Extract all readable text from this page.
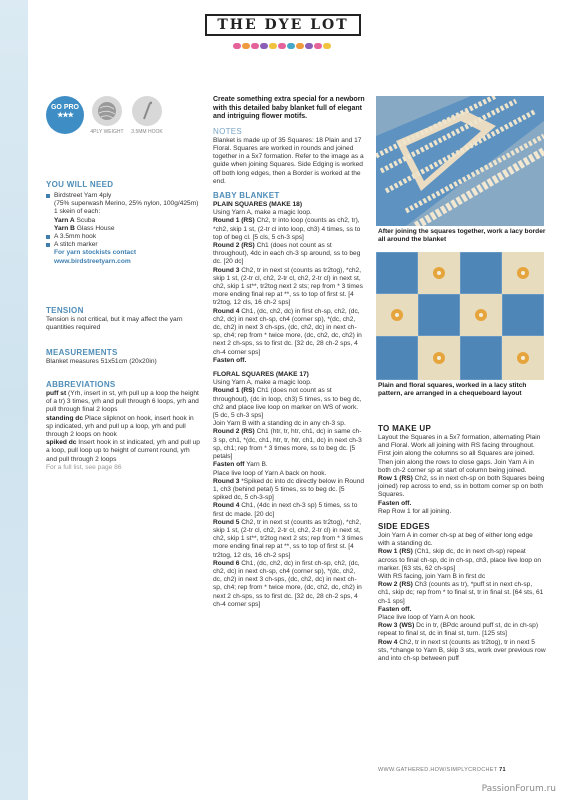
THE DYE LOT
GO PRO
★★★
4PLY WEIGHT 3.5MM HOOK
YOU WILL NEED
Birdstreet Yarn 4ply
(75% superwash Merino, 25% nylon, 100g/425m)
1 skein of each:
Yarn A Scuba
Yarn B Glass House
A 3.5mm hook
A stitch marker
For yarn stockists contact www.birdstreetyarn.com
TENSION

Tension is not critical, but it may affect the yarn quantities required

MEASUREMENTS

Blanket measures 51x51cm (20x20in)

ABBREVIATIONS

puff st (Yrh, insert in st, yrh pull up a loop the height of a tr) 3 times, yrh and pull through 6 loops, yrh and pull through final 2 loops

standing dc Place slipknot on hook, insert hook in sp indicated, yrh and pull up a loop, yrh and pull through 2 loops on hook

spiked dc Insert hook in st indicated, yrh and pull up a loop, pull loop up to height of current round, yrh and pull through 2 loops

For a full list, see page 86

Create something extra special for a newborn with this detailed baby blanket full of elegant and intriguing flower motifs.

NOTES

Blanket is made up of 35 Squares: 18 Plain and 17 Floral. Squares are worked in rounds and joined together in a 5x7 formation. Refer to the image as a guide when joining Squares. Side Edging is worked off both long edges, then a Border is worked at the end.

BABY BLANKET

PLAIN SQUARES (MAKE 18)

Using Yarn A, make a magic loop.

Round 1 (RS) Ch2, tr into loop (counts as ch2, tr), *ch2, skip 1 st, (2-tr cl into loop, ch3) 4 times, ss to top of beg cl. [5 cls, 5 ch-3 sps]

Round 2 (RS) Ch1 (does not count as st throughout), 4dc in each ch-3 sp around, ss to beg dc. [20 dc]

Round 3 Ch2, tr in next st (counts as tr2tog), *ch2, skip 1 st, (2-tr cl, ch2, 2-tr cl, ch2, 2-tr cl) in next st, ch2, skip 1 st**, tr2tog next 2 sts; rep from * 3 times more ending final rep at **, ss to top of first st. [4 tr2tog, 12 cls, 16 ch-2 sps]

Round 4 Ch1, (dc, ch2, dc) in first ch-sp, ch2, (dc, ch2, dc) in next ch-sp, ch4 (corner sp), *(dc, ch2, dc, ch2) in next 3 ch-sps, (dc, ch2, dc) in next ch-sp, ch4; rep from * twice more, (dc, ch2, dc, ch2) in next 2 ch-sps, ss to first dc. [32 dc, 28 ch-2 sps, 4 ch-4 corner sps]

Fasten off.

FLORAL SQUARES (MAKE 17)

Using Yarn A, make a magic loop.

Round 1 (RS) Ch1 (does not count as st throughout), (dc in loop, ch3) 5 times, ss to beg dc, ch2 and place live loop on marker on WS of work. [5 dc, 5 ch-3 sps]

Join Yarn B with a standing dc in any ch-3 sp.

Round 2 (RS) Ch1 (htr, tr, htr, ch1, dc) in same ch-3 sp, ch1, *(dc, ch1, htr, tr, htr, ch1, dc) in next ch-3 sp, ch1; rep from * 3 times more, ss to beg dc. [5 petals]

Fasten off Yarn B.

Place live loop of Yarn A back on hook.

Round 3 *Spiked dc into dc directly below in Round 1, ch3 (behind petal) 5 times, ss to beg dc. [5 spiked dc, 5 ch-3-sp]

Round 4 Ch1, (4dc in next ch-3 sp) 5 times, ss to first dc made. [20 dc]

Round 5 Ch2, tr in next st (counts as tr2tog), *ch2, skip 1 st, (2-tr cl, ch2, 2-tr cl, ch2, 2-tr cl) in next st, ch2, skip 1 st**, tr2tog next 2 sts; rep from * 3 times more ending final rep at **, ss to top of first st. [4 tr2tog, 12 cls, 16 ch-2 sps]

Round 6 Ch1, (dc, ch2, dc) in first ch-sp, ch2, (dc, ch2, dc) in next ch-sp, ch4 (corner sp), *(dc, ch2, dc, ch2) in next 3 ch-sps, (dc, ch2, dc) in next ch-sp, ch4; rep from * twice more, (dc, ch2, dc, ch2) in next 2 ch-sps, ss to first dc. [32 dc, 28 ch-2 sps, 4 ch-4 corner sps]

After joining the squares together, work a lacy border all around the blanket
Plain and floral squares, worked in a lacy stitch pattern, are arranged in a chequeboard layout
TO MAKE UP

Layout the Squares in a 5x7 formation, alternating Plain and Floral. Work all joining with RS facing throughout. First join along the columns so all Squares are joined. Then join along the rows to close gaps. Join Yarn A in both ch-2 corner sp at start of column being joined.

Row 1 (RS) Ch2, ss in next ch-sp on both Squares being joined) rep across to end, ss in bottom corner sp on both Squares.

Fasten off.

Rep Row 1 for all joining.

SIDE EDGES

Join Yarn A in corner ch-sp at beg of either long edge with a standing dc.

Row 1 (RS) (Ch1, skip dc, dc in next ch-sp) repeat across to final ch-sp, dc in ch-sp, ch3, place live loop on marker. [63 sts, 62 ch-sps]

With RS facing, join Yarn B in first dc

Row 2 (RS) Ch3 (counts as tr), *puff st in next ch-sp, ch1, skip dc; rep from * to final st, tr in final st. [64 sts, 61 ch-1 sps]

Fasten off.

Place live loop of Yarn A on hook.

Row 3 (WS) Dc in tr, (BPdc around puff st, dc in ch-sp) repeat to final st, dc in final st, turn. [125 sts]

Row 4 Ch2, tr in next st (counts as tr2tog), tr in next 5 sts, *change to Yarn B, skip 3 sts, work over previous row and into ch-sp between puff

WWW.GATHERED.HOW/SIMPLYCROCHET 71
PassionForum.ru
